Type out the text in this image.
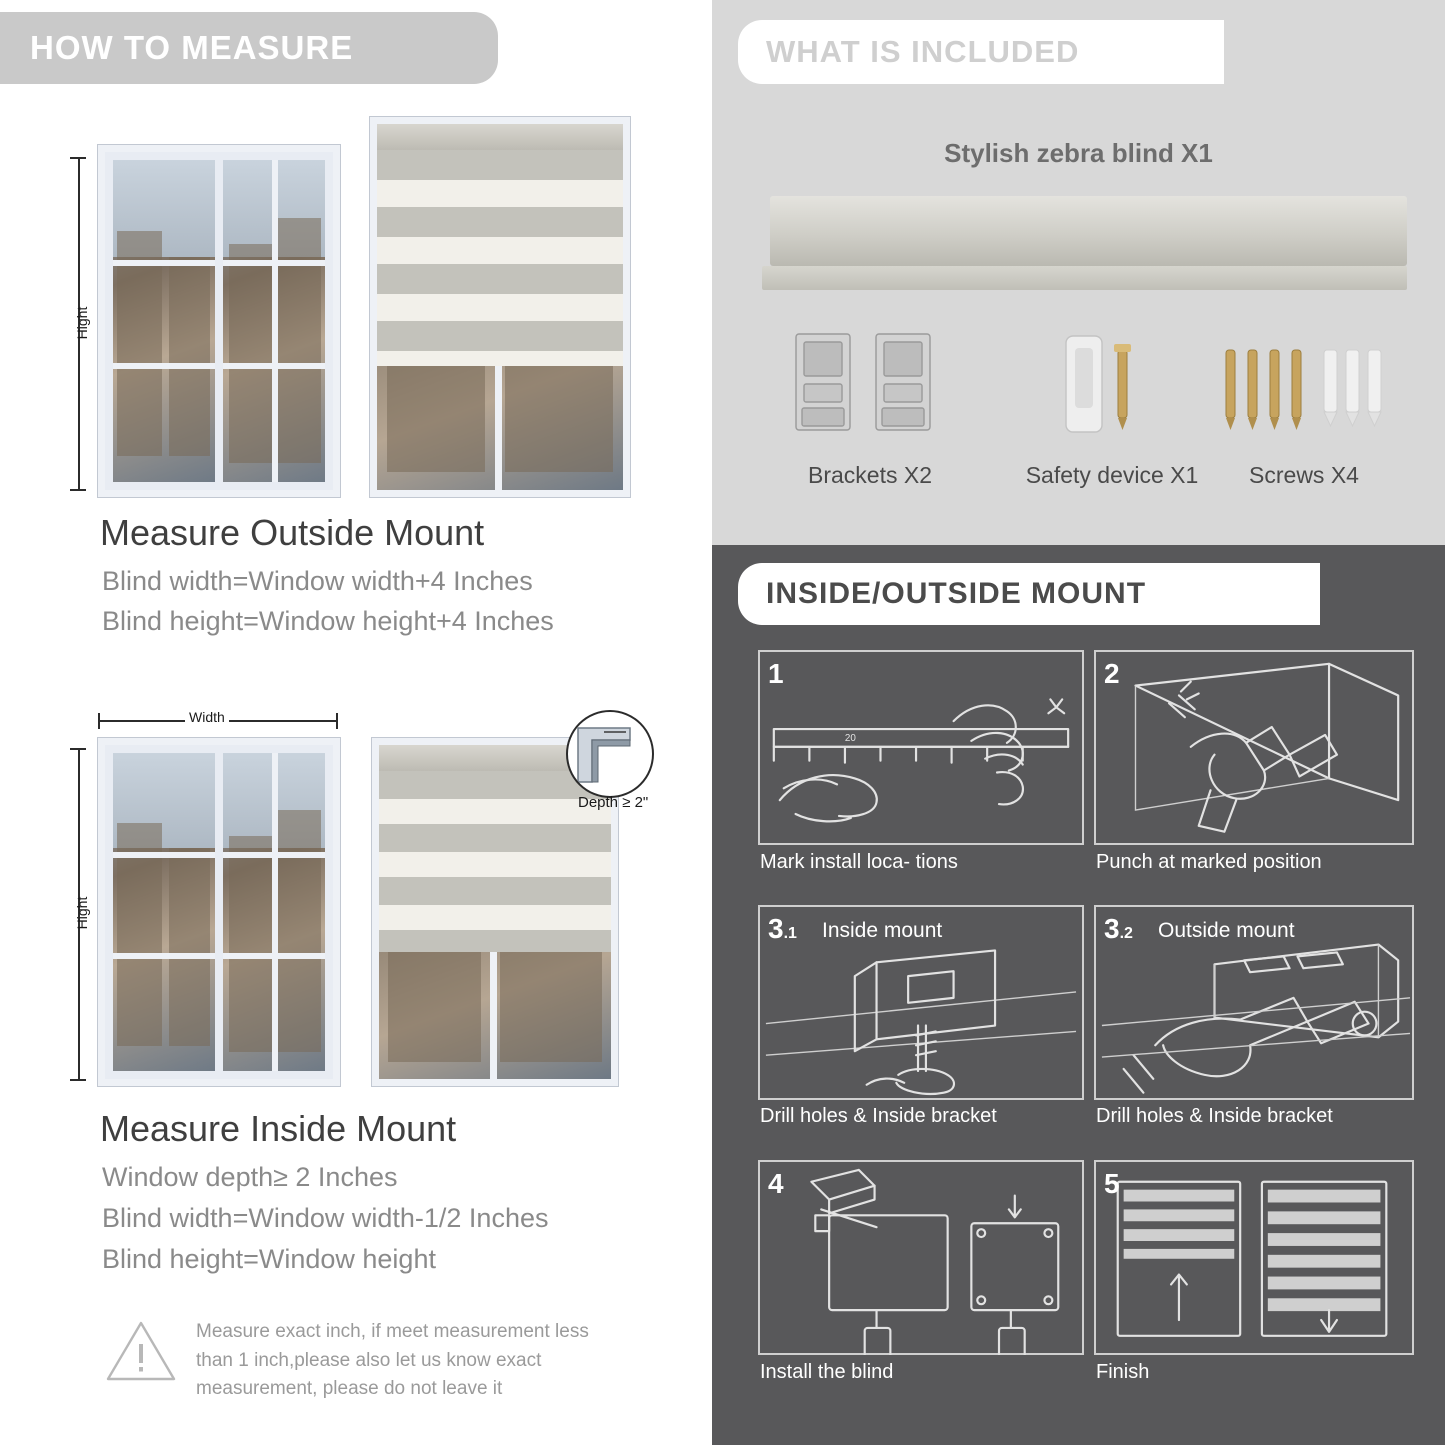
HOW TO MEASURE
Hight
Measure Outside Mount
Blind width=Window width+4 Inches
Blind height=Window height+4 Inches
Width
Hight
Depth ≥ 2"
Measure Inside Mount
Window depth≥ 2 Inches
Blind width=Window width-1/2 Inches
Blind height=Window height
Measure exact inch, if meet measurement less than 1 inch,please also let us know exact measurement, please do not leave it
WHAT IS INCLUDED
Stylish zebra blind X1
Brackets X2	Safety device X1	Screws X4
INSIDE/OUTSIDE MOUNT
20
1
Mark install loca- tions
2
Punch at marked position
3.1 Inside mount
Drill holes & Inside bracket
3.2 Outside mount
Drill holes & Inside bracket
4
Install the blind
5
Finish
